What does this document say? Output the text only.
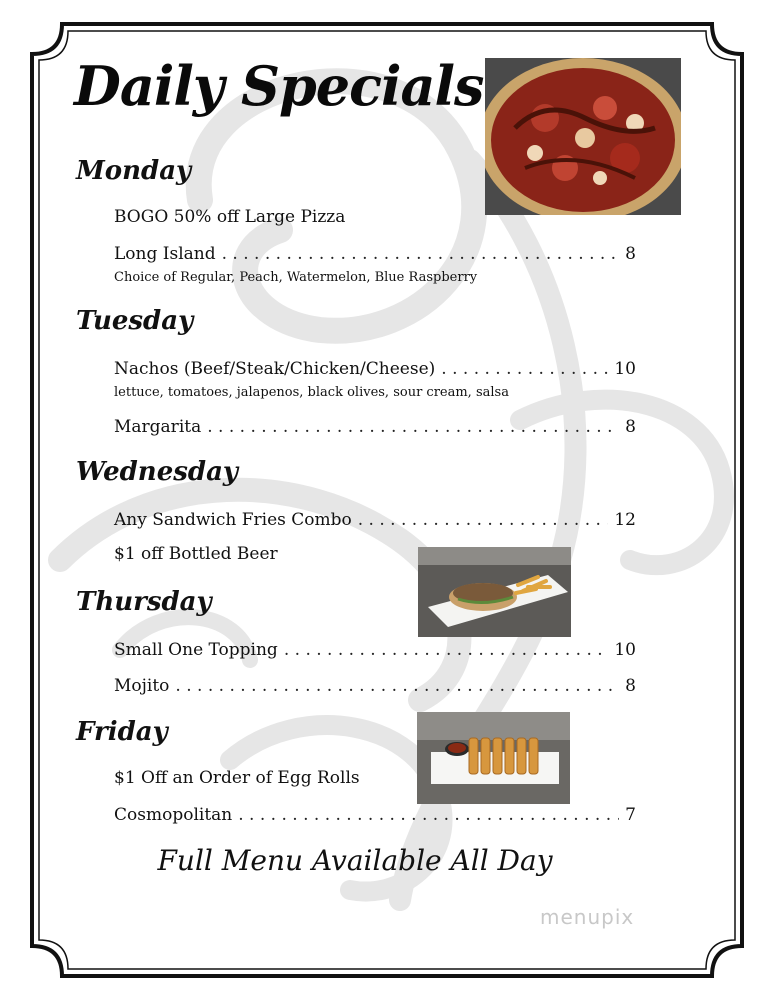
Daily Specials
Monday
BOGO 50% off Large Pizza
Long Island . . .	8
Choice of Regular, Peach, Watermelon, Blue Raspberry
Tuesday
Nachos (Beef/Steak/Chicken/Cheese) . . .	10
lettuce, tomatoes, jalapenos, black olives, sour cream, salsa
Margarita . . .	8
Wednesday
Any Sandwich Fries Combo . . .	12
$1 off Bottled Beer
Thursday
Small One Topping . . .	10
Mojito . . .	8
Friday
$1 Off an Order of Egg Rolls
Cosmopolitan . . .	7
Full Menu Available All Day
menupix
